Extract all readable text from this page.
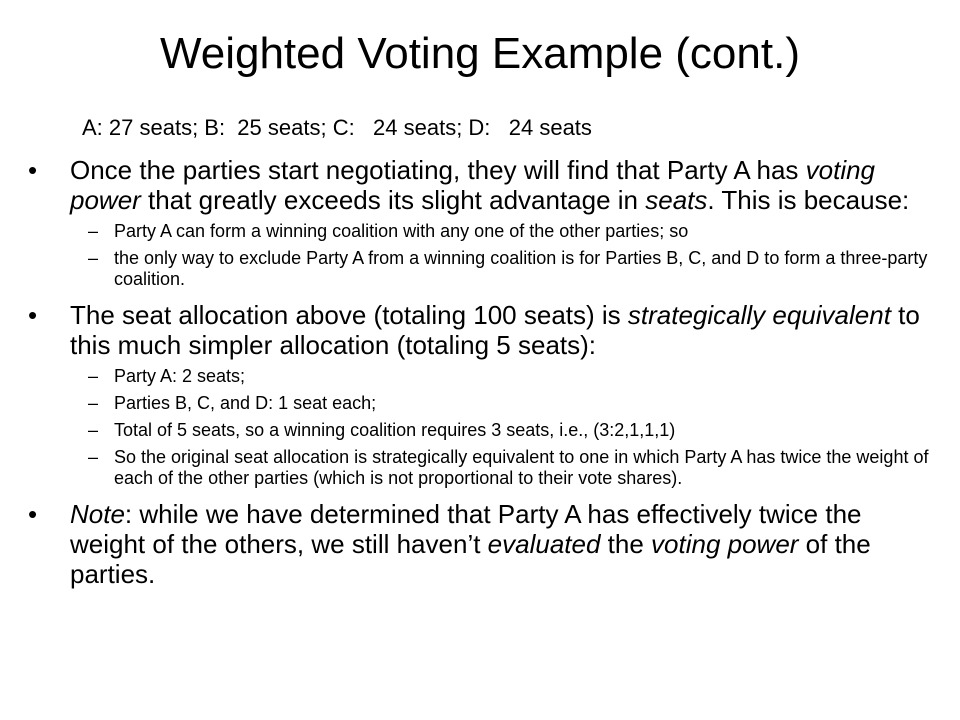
Weighted Voting Example (cont.)
A: 27 seats; B:  25 seats; C:   24 seats; D:   24 seats
• Once the parties start negotiating, they will find that Party A has voting power that greatly exceeds its slight advantage in seats. This is because:
– Party A can form a winning coalition with any one of the other parties; so
– the only way to exclude Party A from a winning coalition is for Parties B, C, and D to form a three-party coalition.
• The seat allocation above (totaling 100 seats) is strategically equivalent to this much simpler allocation (totaling 5 seats):
– Party A: 2 seats;
– Parties B, C, and D: 1 seat each;
– Total of 5 seats, so a winning coalition requires 3 seats, i.e., (3:2,1,1,1)
– So the original seat allocation is strategically equivalent to one in which Party A has twice the weight of each of the other parties (which is not proportional to their vote shares).
• Note: while we have determined that Party A has effectively twice the weight of the others, we still haven’t evaluated the voting power of the parties.
